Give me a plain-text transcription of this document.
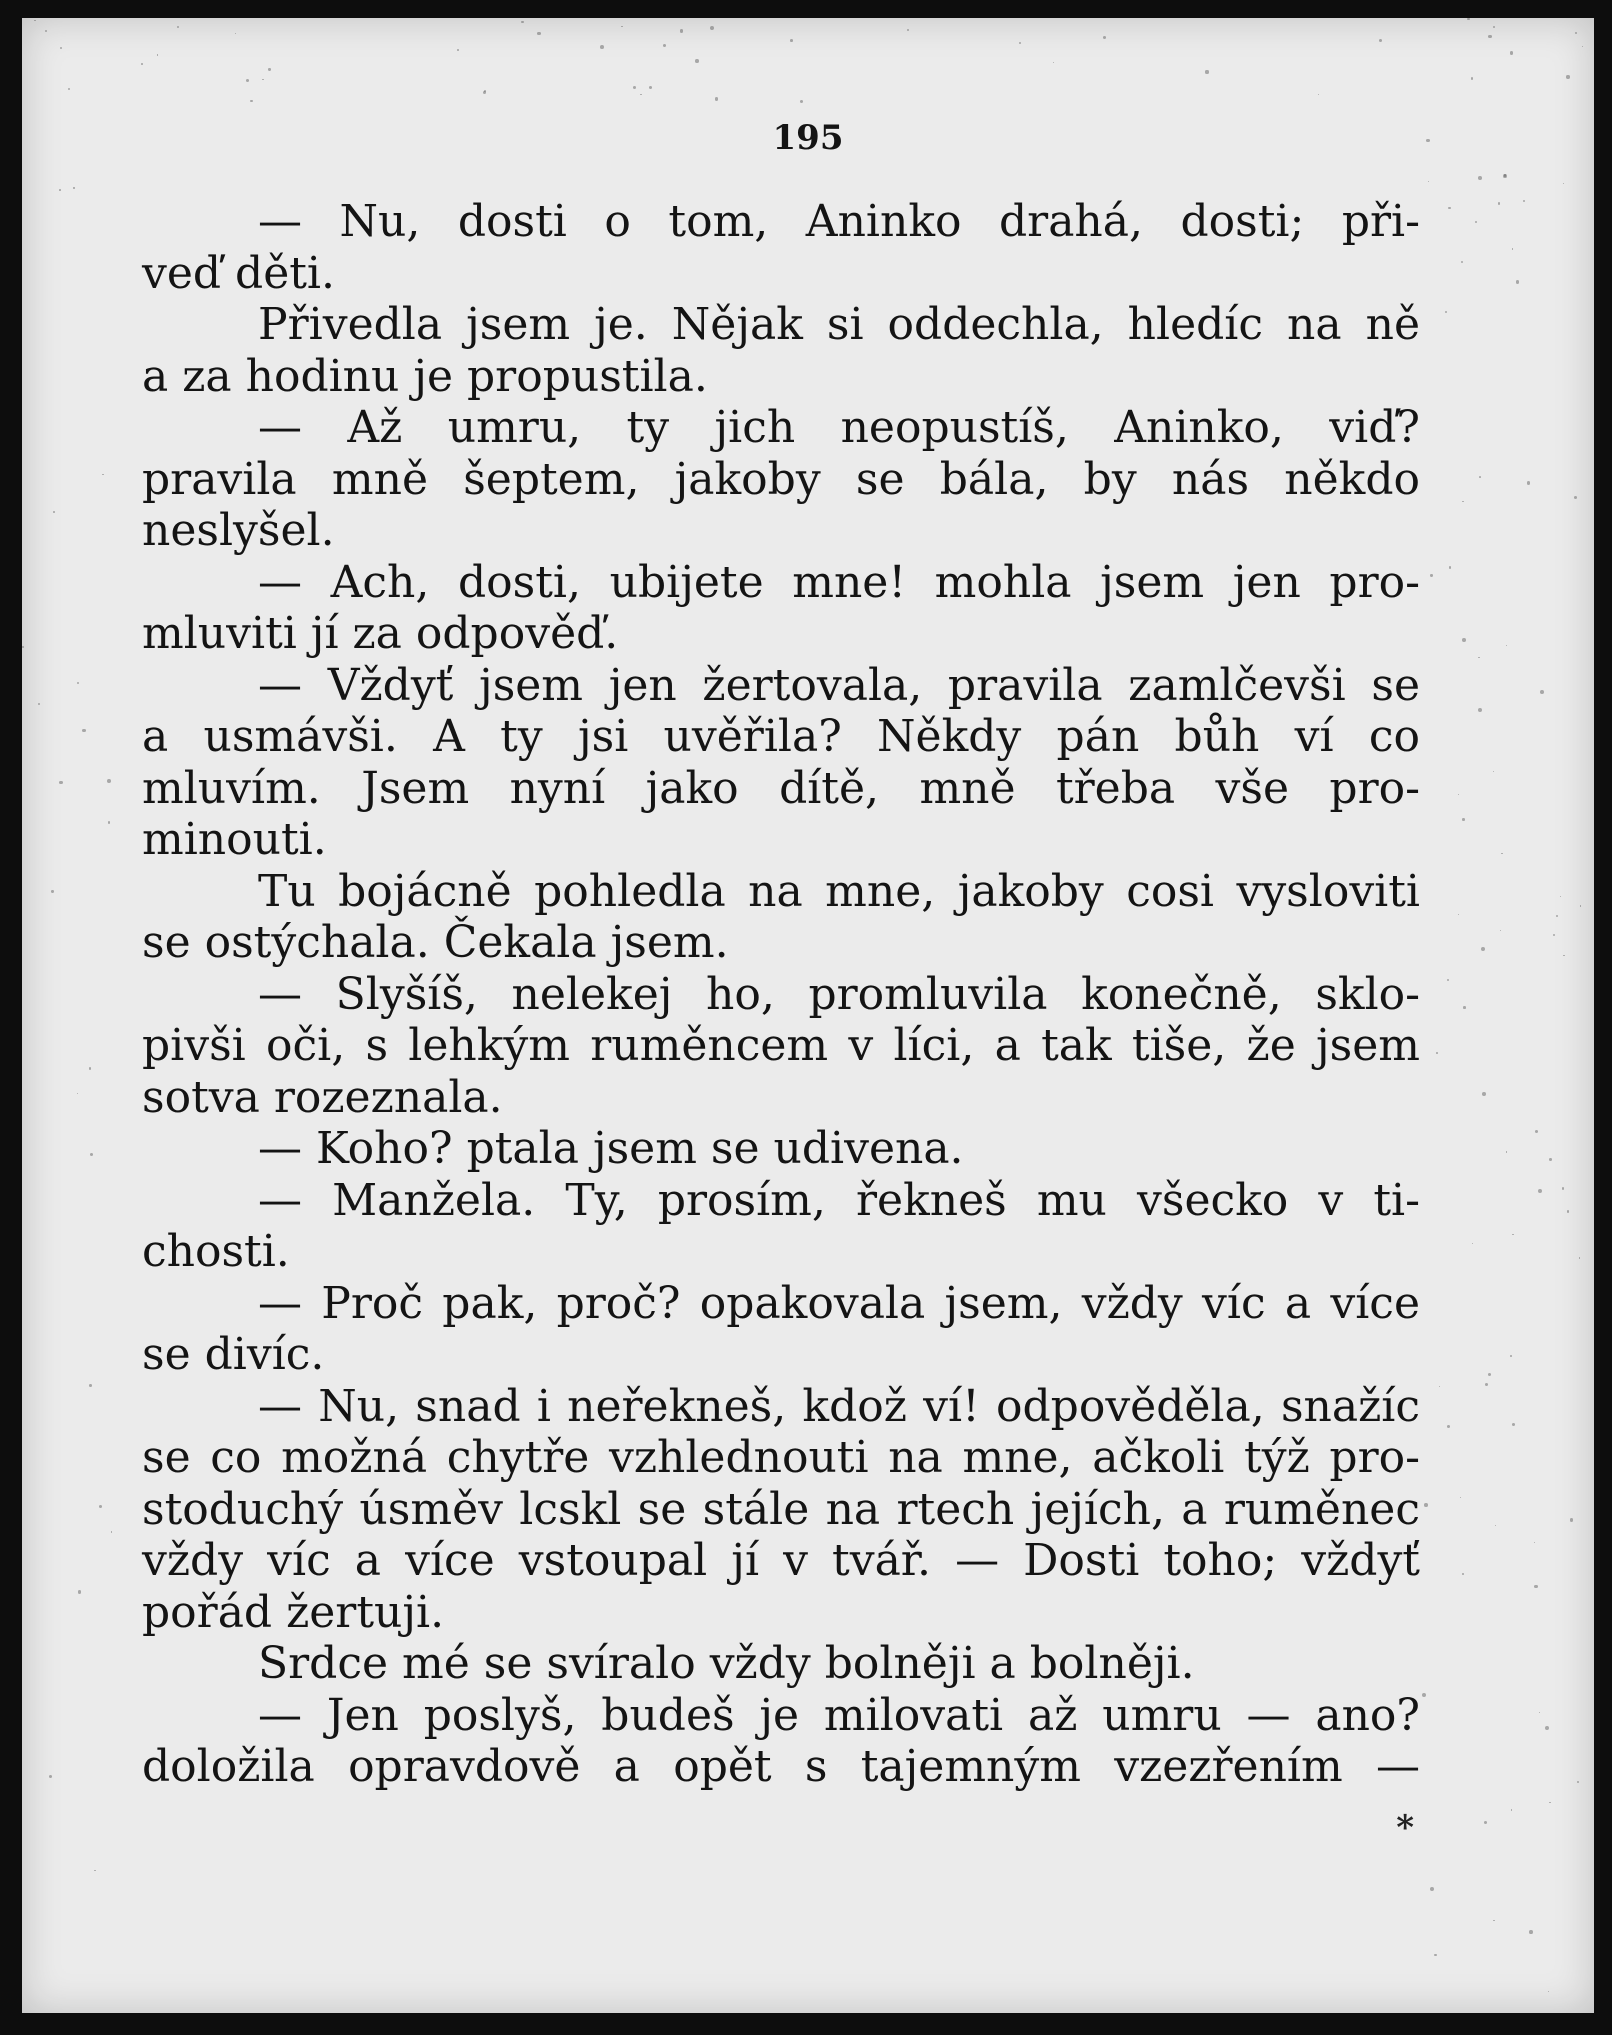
195
— Nu, dosti o tom, Aninko drahá, dosti; při-
veď děti.
Přivedla jsem je. Nějak si oddechla, hledíc na ně
a za hodinu je propustila.
— Až umru, ty jich neopustíš, Aninko, viď?
pravila mně šeptem, jakoby se bála, by nás někdo
neslyšel.
— Ach, dosti, ubijete mne! mohla jsem jen pro-
mluviti jí za odpověď.
— Vždyť jsem jen žertovala, pravila zamlčevši se
a usmávši. A ty jsi uvěřila? Někdy pán bůh ví co
mluvím. Jsem nyní jako dítě, mně třeba vše pro-
minouti.
Tu bojácně pohledla na mne, jakoby cosi vysloviti
se ostýchala. Čekala jsem.
— Slyšíš, nelekej ho, promluvila konečně, sklo-
pivši oči, s lehkým ruměncem v líci, a tak tiše, že jsem
sotva rozeznala.
— Koho? ptala jsem se udivena.
— Manžela. Ty, prosím, řekneš mu všecko v ti-
chosti.
— Proč pak, proč? opakovala jsem, vždy víc a více
se divíc.
— Nu, snad i neřekneš, kdož ví! odpověděla, snažíc
se co možná chytře vzhlednouti na mne, ačkoli týž pro-
stoduchý úsměv lcskl se stále na rtech jejích, a ruměnec
vždy víc a více vstoupal jí v tvář. — Dosti toho; vždyť
pořád žertuji.
Srdce mé se svíralo vždy bolněji a bolněji.
— Jen poslyš, budeš je milovati až umru — ano?
doložila opravdově a opět s tajemným vzezřením —
*
